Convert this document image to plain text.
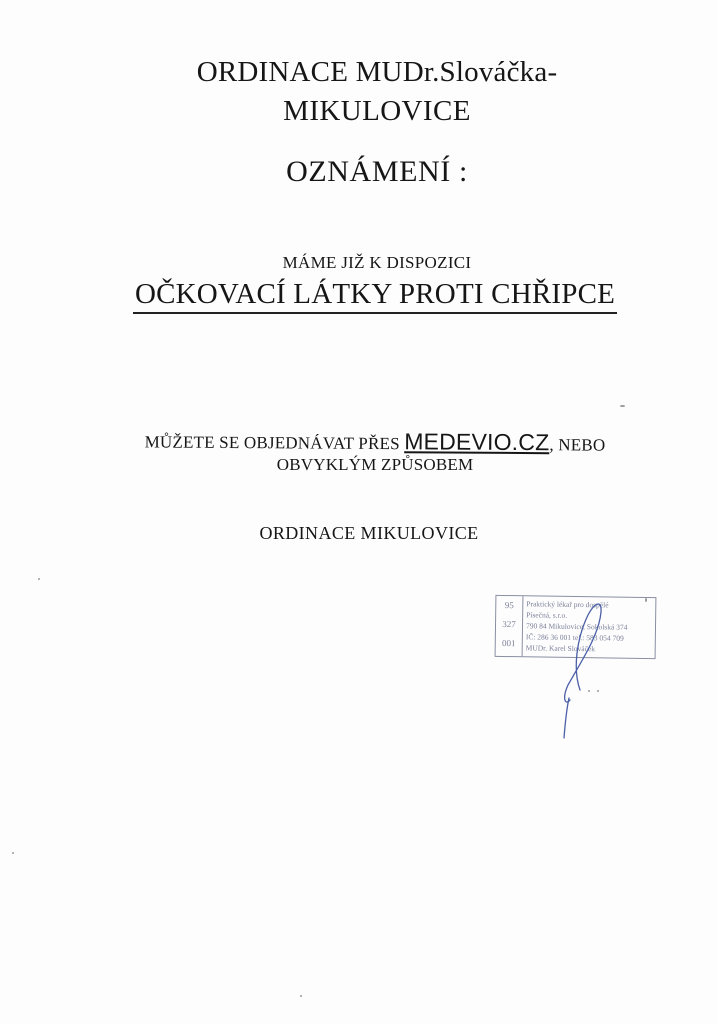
ORDINACE MUDr.Slováčka-
MIKULOVICE
OZNÁMENÍ :
MÁME JIŽ K DISPOZICI
OČKOVACÍ LÁTKY PROTI CHŘIPCE
MŮŽETE SE OBJEDNÁVAT PŘES MEDEVIO.CZ, NEBO
OBVYKLÝM ZPŮSOBEM
ORDINACE MIKULOVICE
95
327
001
Praktický lékař pro dospělé
Písečná, s.r.o.
790 84 Mikulovice, Sokolská 374
IČ: 286 36 001 tel.: 583 054 709
MUDr. Karel Slováček
